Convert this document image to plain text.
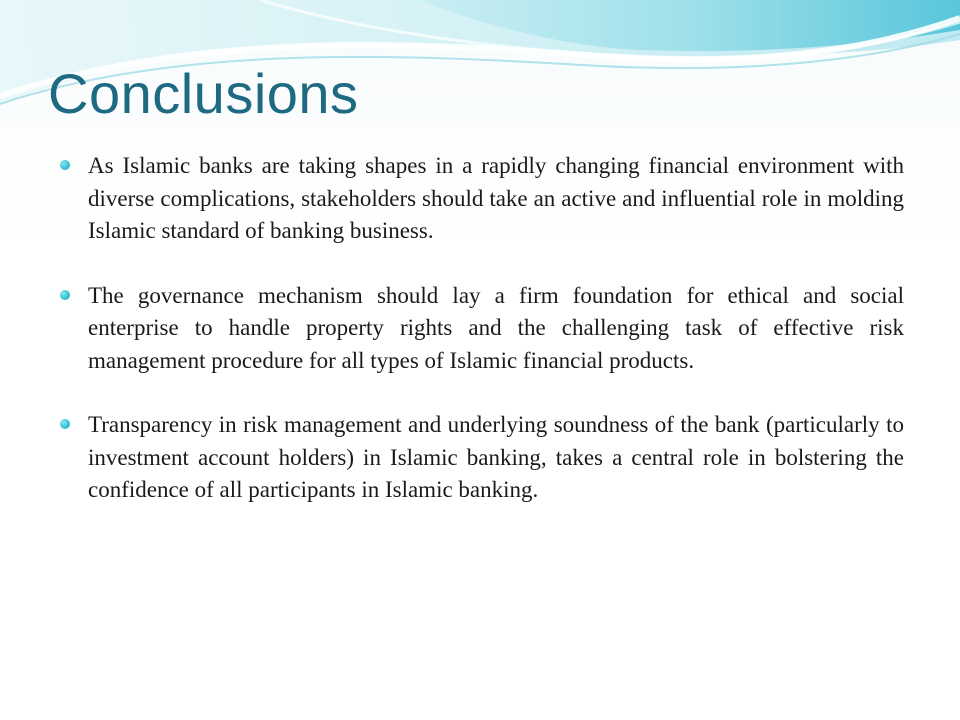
Conclusions
As Islamic banks are taking shapes in a rapidly changing financial environment with diverse complications, stakeholders should take an active and influential role in molding Islamic standard of banking business.
The governance mechanism should lay a firm foundation for ethical and social enterprise to handle property rights and the challenging task of effective risk management procedure for all types of Islamic financial products.
Transparency in risk management and underlying soundness of the bank (particularly to investment account holders) in Islamic banking, takes a central role in bolstering the confidence of all participants in Islamic banking.
